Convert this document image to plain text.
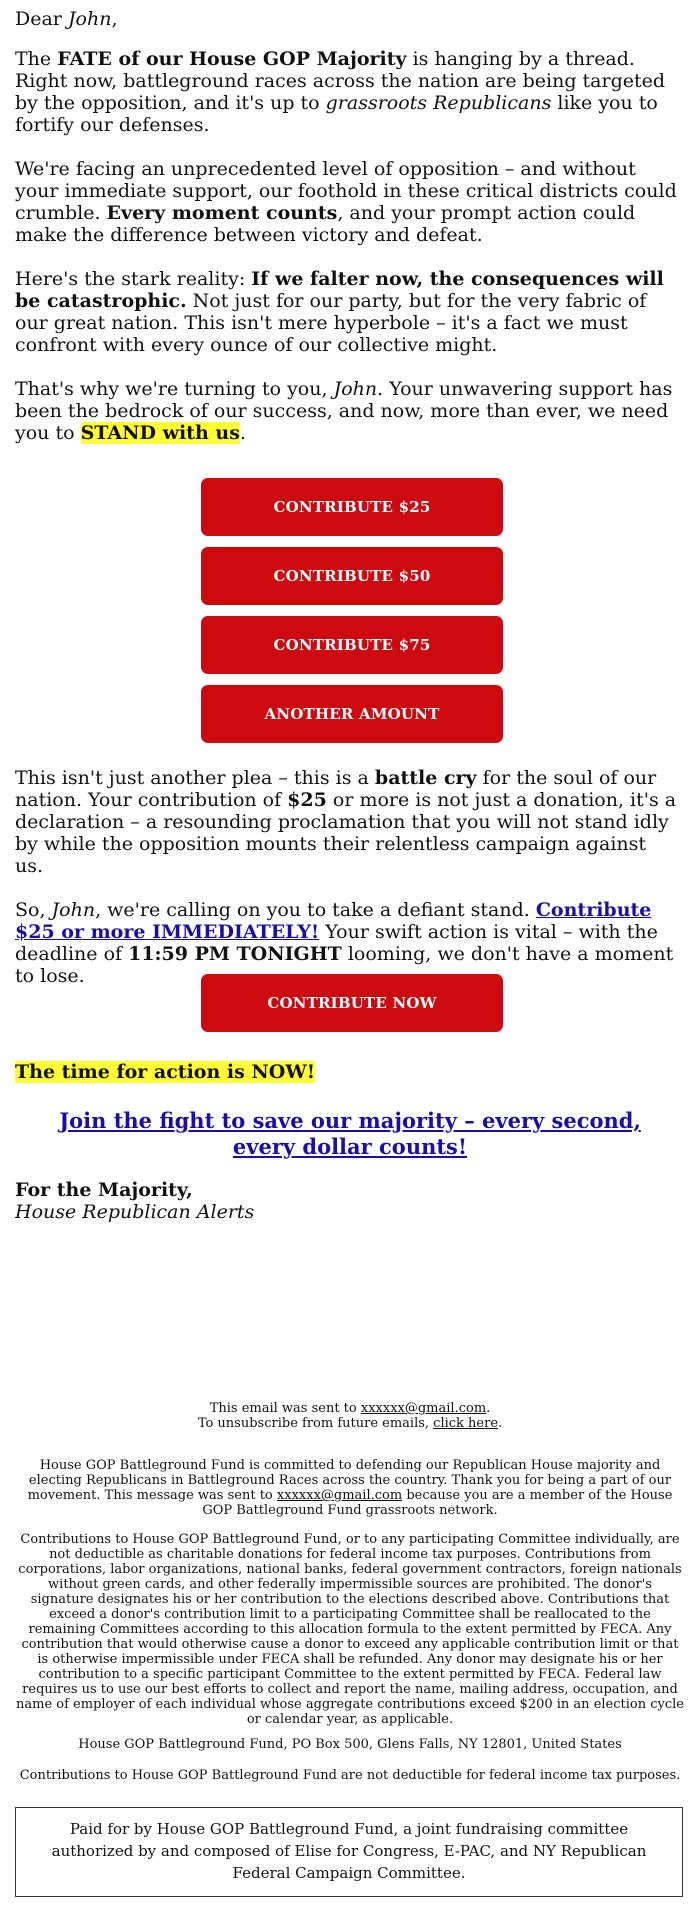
Dear John,

The FATE of our House GOP Majority is hanging by a thread. Right now, battleground races across the nation are being targeted by the opposition, and it's up to grassroots Republicans like you to fortify our defenses.

We're facing an unprecedented level of opposition – and without your immediate support, our foothold in these critical districts could crumble. Every moment counts, and your prompt action could make the difference between victory and defeat.

Here's the stark reality: If we falter now, the consequences will be catastrophic. Not just for our party, but for the very fabric of our great nation. This isn't mere hyperbole – it's a fact we must confront with every ounce of our collective might.

That's why we're turning to you, John. Your unwavering support has been the bedrock of our success, and now, more than ever, we need you to STAND with us.

CONTRIBUTE $25
CONTRIBUTE $50
CONTRIBUTE $75
ANOTHER AMOUNT

This isn't just another plea – this is a battle cry for the soul of our nation. Your contribution of $25 or more is not just a donation, it's a declaration – a resounding proclamation that you will not stand idly by while the opposition mounts their relentless campaign against us.

So, John, we're calling on you to take a defiant stand. Contribute $25 or more IMMEDIATELY! Your swift action is vital – with the deadline of 11:59 PM TONIGHT looming, we don't have a moment to lose.

CONTRIBUTE NOW
The time for action is NOW!
Join the fight to save our majority – every second, every dollar counts!
For the Majority,
House Republican Alerts
This email was sent to xxxxxx@gmail.com.
To unsubscribe from future emails, click here.
House GOP Battleground Fund is committed to defending our Republican House majority and electing Republicans in Battleground Races across the country. Thank you for being a part of our movement. This message was sent to xxxxxx@gmail.com because you are a member of the House GOP Battleground Fund grassroots network.
Contributions to House GOP Battleground Fund, or to any participating Committee individually, are not deductible as charitable donations for federal income tax purposes. Contributions from corporations, labor organizations, national banks, federal government contractors, foreign nationals without green cards, and other federally impermissible sources are prohibited. The donor's signature designates his or her contribution to the elections described above. Contributions that exceed a donor's contribution limit to a participating Committee shall be reallocated to the remaining Committees according to this allocation formula to the extent permitted by FECA. Any contribution that would otherwise cause a donor to exceed any applicable contribution limit or that is otherwise impermissible under FECA shall be refunded. Any donor may designate his or her contribution to a specific participant Committee to the extent permitted by FECA. Federal law requires us to use our best efforts to collect and report the name, mailing address, occupation, and name of employer of each individual whose aggregate contributions exceed $200 in an election cycle or calendar year, as applicable.
House GOP Battleground Fund, PO Box 500, Glens Falls, NY 12801, United States
Contributions to House GOP Battleground Fund are not deductible for federal income tax purposes.
Paid for by House GOP Battleground Fund, a joint fundraising committee authorized by and composed of Elise for Congress, E-PAC, and NY Republican Federal Campaign Committee.
